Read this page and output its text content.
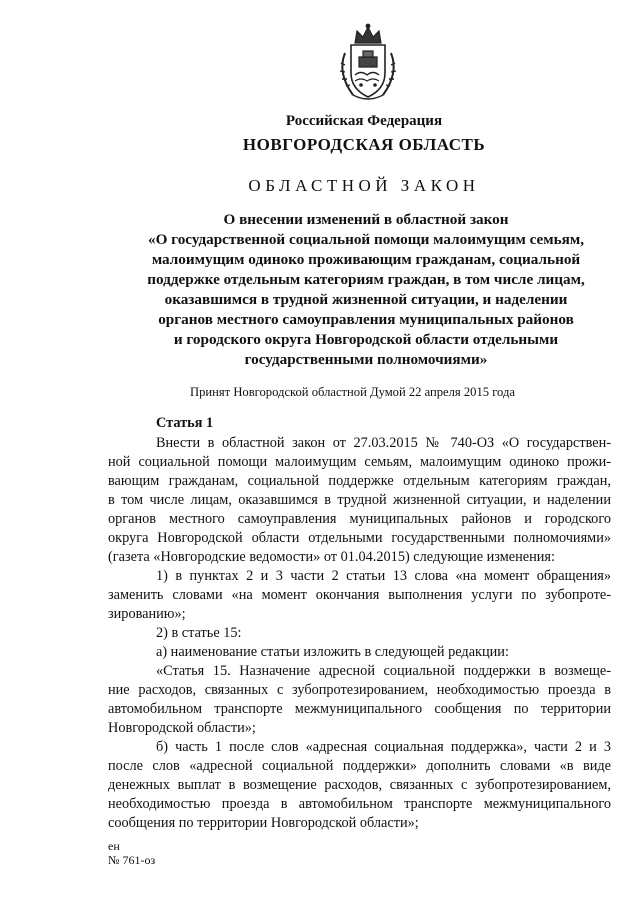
Российская Федерация
НОВГОРОДСКАЯ ОБЛАСТЬ
ОБЛАСТНОЙ ЗАКОН
О внесении изменений в областной закон
«О государственной социальной помощи малоимущим семьям,
малоимущим одиноко проживающим гражданам, социальной
поддержке отдельным категориям граждан, в том числе лицам,
оказавшимся в трудной жизненной ситуации, и наделении
органов местного самоуправления муниципальных районов
и городского округа Новгородской области отдельными
государственными полномочиями»
Принят Новгородской областной Думой 22 апреля 2015 года
Статья 1
Внести в областной закон от 27.03.2015 № 740-ОЗ «О государствен-
ной социальной помощи малоимущим семьям, малоимущим одиноко прожи-
вающим гражданам, социальной поддержке отдельным категориям граждан,
в том числе лицам, оказавшимся в трудной жизненной ситуации, и наделении
органов местного самоуправления муниципальных районов и городского
округа Новгородской области отдельными государственными полномочиями»
(газета «Новгородские ведомости» от 01.04.2015) следующие изменения:
1) в пунктах 2 и 3 части 2 статьи 13 слова «на момент обращения»
заменить словами «на момент окончания выполнения услуги по зубопроте-
зированию»;
2) в статье 15:
а) наименование статьи изложить в следующей редакции:
«Статья 15. Назначение адресной социальной поддержки в возмеще-
ние расходов, связанных с зубопротезированием, необходимостью проезда в
автомобильном транспорте межмуниципального сообщения по территории
Новгородской области»;
б) часть 1 после слов «адресная социальная поддержка», части 2 и 3
после слов «адресной социальной поддержки» дополнить словами «в виде
денежных выплат в возмещение расходов, связанных с зубопротезированием,
необходимостью проезда в автомобильном транспорте межмуниципального
сообщения по территории Новгородской области»;
ен
№ 761-оз
